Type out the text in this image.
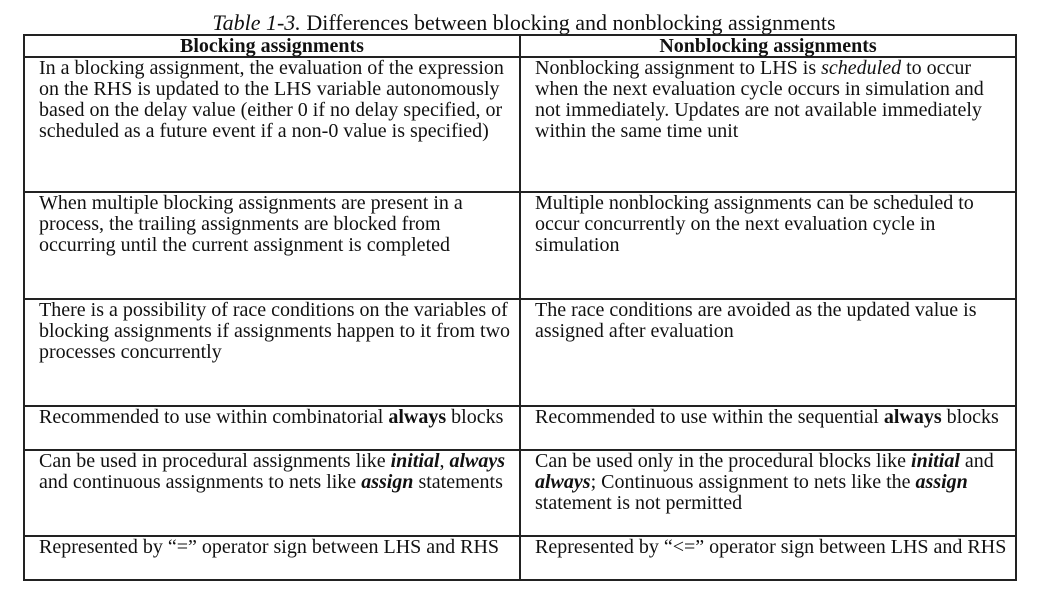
Table 1-3. Differences between blocking and nonblocking assignments
Blocking assignments	Nonblocking assignments
In a blocking assignment, the evaluation of the expression on the RHS is updated to the LHS variable autonomously based on the delay value (either 0 if no delay specified, or scheduled as a future event if a non-0 value is specified)	Nonblocking assignment to LHS is scheduled to occur when the next evaluation cycle occurs in simulation and not immediately. Updates are not available immediately within the same time unit
When multiple blocking assignments are present in a process, the trailing assignments are blocked from occurring until the current assignment is completed	Multiple nonblocking assignments can be scheduled to occur concurrently on the next evaluation cycle in simulation
There is a possibility of race conditions on the variables of blocking assignments if assignments happen to it from two processes concurrently	The race conditions are avoided as the updated value is assigned after evaluation
Recommended to use within combinatorial always blocks	Recommended to use within the sequential always blocks
Can be used in procedural assignments like initial, always and continuous assignments to nets like assign statements	Can be used only in the procedural blocks like initial and always; Continuous assignment to nets like the assign statement is not permitted
Represented by “=” operator sign between LHS and RHS	Represented by “<=” operator sign between LHS and RHS
